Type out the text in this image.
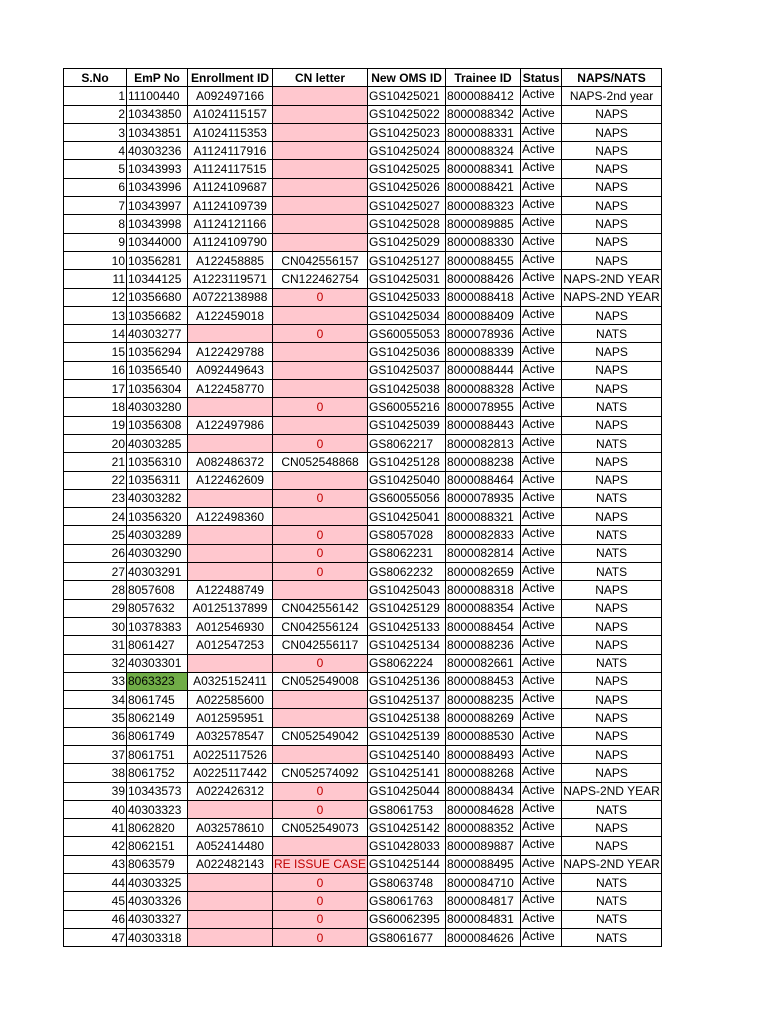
S.No	EmP No	Enrollment ID	CN letter	New OMS ID	Trainee ID	Status	NAPS/NATS
1	11100440	A092497166		GS10425021	8000088412	Active	NAPS-2nd year
2	10343850	A1024115157		GS10425022	8000088342	Active	NAPS
3	10343851	A1024115353		GS10425023	8000088331	Active	NAPS
4	40303236	A1124117916		GS10425024	8000088324	Active	NAPS
5	10343993	A1124117515		GS10425025	8000088341	Active	NAPS
6	10343996	A1124109687		GS10425026	8000088421	Active	NAPS
7	10343997	A1124109739		GS10425027	8000088323	Active	NAPS
8	10343998	A1124121166		GS10425028	8000089885	Active	NAPS
9	10344000	A1124109790		GS10425029	8000088330	Active	NAPS
10	10356281	A122458885	CN042556157	GS10425127	8000088455	Active	NAPS
11	10344125	A1223119571	CN122462754	GS10425031	8000088426	Active	NAPS-2ND YEAR
12	10356680	A0722138988	0	GS10425033	8000088418	Active	NAPS-2ND YEAR
13	10356682	A122459018		GS10425034	8000088409	Active	NAPS
14	40303277		0	GS60055053	8000078936	Active	NATS
15	10356294	A122429788		GS10425036	8000088339	Active	NAPS
16	10356540	A092449643		GS10425037	8000088444	Active	NAPS
17	10356304	A122458770		GS10425038	8000088328	Active	NAPS
18	40303280		0	GS60055216	8000078955	Active	NATS
19	10356308	A122497986		GS10425039	8000088443	Active	NAPS
20	40303285		0	GS8062217	8000082813	Active	NATS
21	10356310	A082486372	CN052548868	GS10425128	8000088238	Active	NAPS
22	10356311	A122462609		GS10425040	8000088464	Active	NAPS
23	40303282		0	GS60055056	8000078935	Active	NATS
24	10356320	A122498360		GS10425041	8000088321	Active	NAPS
25	40303289		0	GS8057028	8000082833	Active	NATS
26	40303290		0	GS8062231	8000082814	Active	NATS
27	40303291		0	GS8062232	8000082659	Active	NATS
28	8057608	A122488749		GS10425043	8000088318	Active	NAPS
29	8057632	A0125137899	CN042556142	GS10425129	8000088354	Active	NAPS
30	10378383	A012546930	CN042556124	GS10425133	8000088454	Active	NAPS
31	8061427	A012547253	CN042556117	GS10425134	8000088236	Active	NAPS
32	40303301		0	GS8062224	8000082661	Active	NATS
33	8063323	A0325152411	CN052549008	GS10425136	8000088453	Active	NAPS
34	8061745	A022585600		GS10425137	8000088235	Active	NAPS
35	8062149	A012595951		GS10425138	8000088269	Active	NAPS
36	8061749	A032578547	CN052549042	GS10425139	8000088530	Active	NAPS
37	8061751	A0225117526		GS10425140	8000088493	Active	NAPS
38	8061752	A0225117442	CN052574092	GS10425141	8000088268	Active	NAPS
39	10343573	A022426312	0	GS10425044	8000088434	Active	NAPS-2ND YEAR
40	40303323		0	GS8061753	8000084628	Active	NATS
41	8062820	A032578610	CN052549073	GS10425142	8000088352	Active	NAPS
42	8062151	A052414480		GS10428033	8000089887	Active	NAPS
43	8063579	A022482143	RE ISSUE CASE	GS10425144	8000088495	Active	NAPS-2ND YEAR
44	40303325		0	GS8063748	8000084710	Active	NATS
45	40303326		0	GS8061763	8000084817	Active	NATS
46	40303327		0	GS60062395	8000084831	Active	NATS
47	40303318		0	GS8061677	8000084626	Active	NATS
